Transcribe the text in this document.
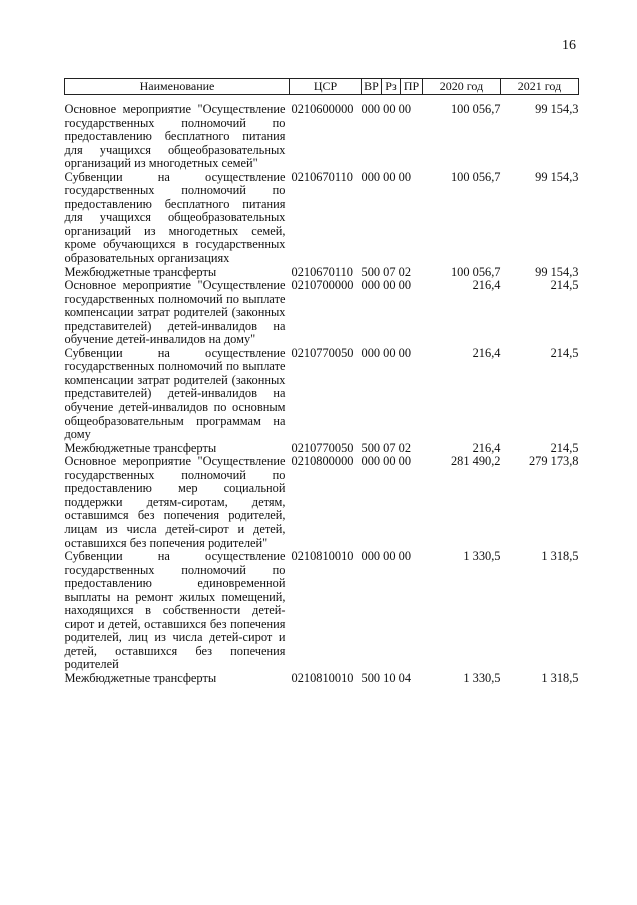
16
Наименование	ЦСР	ВР	Рз	ПР	2020 год	2021 год
Основное мероприятие "Осуществление государственных полномочий по предоставлению бесплатного питания для учащихся общеобразовательных организаций из многодетных семей"	0210600000	000 00 00			100 056,7	99 154,3
Субвенции на осуществление государственных полномочий по предоставлению бесплатного питания для учащихся общеобразовательных организаций из многодетных семей, кроме обучающихся в государственных образовательных организациях	0210670110	000 00 00			100 056,7	99 154,3
Межбюджетные трансферты	0210670110	500 07 02			100 056,7	99 154,3
Основное мероприятие "Осуществление государственных полномочий по выплате компенсации затрат родителей (законных представителей) детей-инвалидов на обучение детей-инвалидов на дому"	0210700000	000 00 00			216,4	214,5
Субвенции на осуществление государственных полномочий по выплате компенсации затрат родителей (законных представителей) детей-инвалидов на обучение детей-инвалидов по основным общеобразовательным программам на дому	0210770050	000 00 00			216,4	214,5
Межбюджетные трансферты	0210770050	500 07 02			216,4	214,5
Основное мероприятие "Осуществление государственных полномочий по предоставлению мер социальной поддержки детям-сиротам, детям, оставшимся без попечения родителей, лицам из числа детей-сирот и детей, оставшихся без попечения родителей"	0210800000	000 00 00			281 490,2	279 173,8
Субвенции на осуществление государственных полномочий по предоставлению единовременной выплаты на ремонт жилых помещений, находящихся в собственности детей-сирот и детей, оставшихся без попечения родителей, лиц из числа детей-сирот и детей, оставшихся без попечения родителей	0210810010	000 00 00			1 330,5	1 318,5
Межбюджетные трансферты	0210810010	500 10 04			1 330,5	1 318,5
